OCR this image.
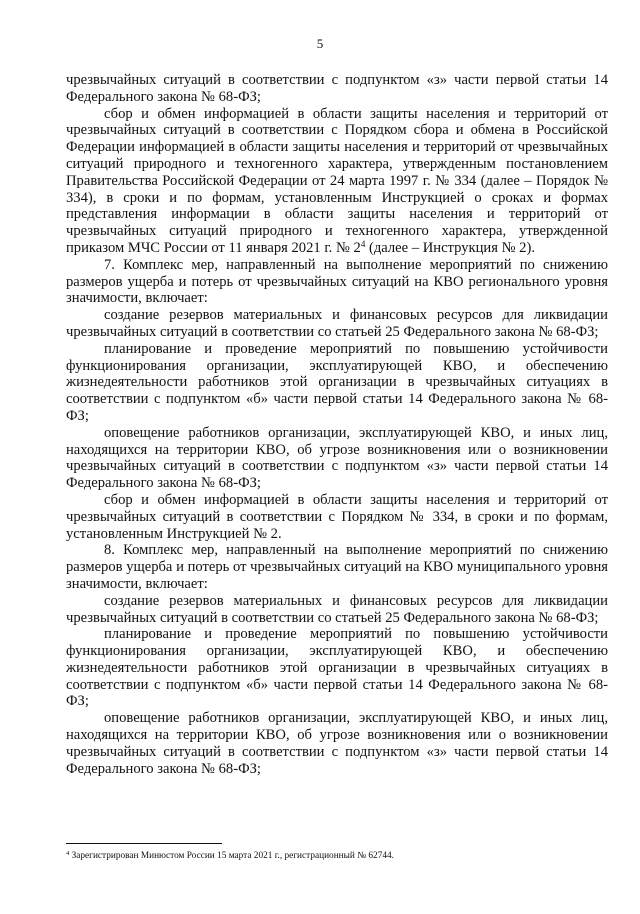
5

чрезвычайных ситуаций в соответствии с подпунктом «з» части первой статьи 14 Федерального закона № 68-ФЗ;

сбор и обмен информацией в области защиты населения и территорий от чрезвычайных ситуаций в соответствии с Порядком сбора и обмена в Российской Федерации информацией в области защиты населения и территорий от чрезвычайных ситуаций природного и техногенного характера, утвержденным постановлением Правительства Российской Федерации от 24 марта 1997 г. № 334 (далее – Порядок № 334), в сроки и по формам, установленным Инструкцией о сроках и формах представления информации в области защиты населения и территорий от чрезвычайных ситуаций природного и техногенного характера, утвержденной приказом МЧС России от 11 января 2021 г. № $2^4$ (далее – Инструкция № 2).

7. Комплекс мер, направленный на выполнение мероприятий по снижению размеров ущерба и потерь от чрезвычайных ситуаций на КВО регионального уровня значимости, включает:

создание резервов материальных и финансовых ресурсов для ликвидации чрезвычайных ситуаций в соответствии со статьей 25 Федерального закона № 68-ФЗ;

планирование и проведение мероприятий по повышению устойчивости функционирования организации, эксплуатирующей КВО, и обеспечению жизнедеятельности работников этой организации в чрезвычайных ситуациях в соответствии с подпунктом «б» части первой статьи 14 Федерального закона № 68-ФЗ;

оповещение работников организации, эксплуатирующей КВО, и иных лиц, находящихся на территории КВО, об угрозе возникновения или о возникновении чрезвычайных ситуаций в соответствии с подпунктом «з» части первой статьи 14 Федерального закона № 68-ФЗ;

сбор и обмен информацией в области защиты населения и территорий от чрезвычайных ситуаций в соответствии с Порядком № 334, в сроки и по формам, установленным Инструкцией № 2.

8. Комплекс мер, направленный на выполнение мероприятий по снижению размеров ущерба и потерь от чрезвычайных ситуаций на КВО муниципального уровня значимости, включает:

создание резервов материальных и финансовых ресурсов для ликвидации чрезвычайных ситуаций в соответствии со статьей 25 Федерального закона № 68-ФЗ;

планирование и проведение мероприятий по повышению устойчивости функционирования организации, эксплуатирующей КВО, и обеспечению жизнедеятельности работников этой организации в чрезвычайных ситуациях в соответствии с подпунктом «б» части первой статьи 14 Федерального закона № 68-ФЗ;

оповещение работников организации, эксплуатирующей КВО, и иных лиц, находящихся на территории КВО, об угрозе возникновения или о возникновении чрезвычайных ситуаций в соответствии с подпунктом «з» части первой статьи 14 Федерального закона № 68-ФЗ;

$^4$ Зарегистрирован Минюстом России 15 марта 2021 г., регистрационный № 62744.
